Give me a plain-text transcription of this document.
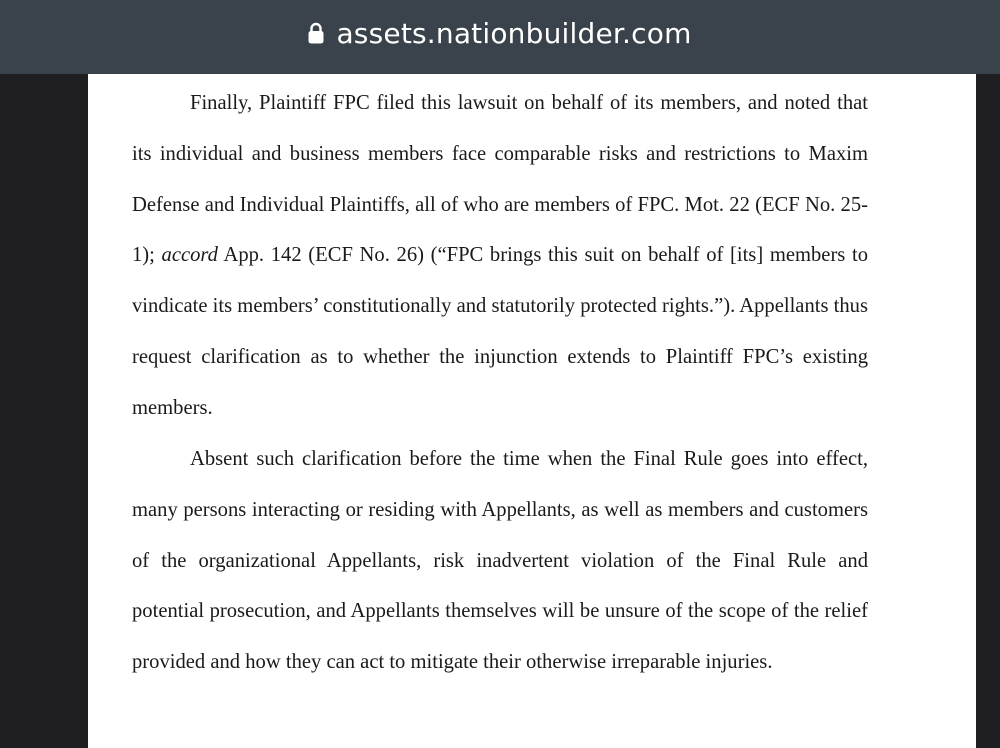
assets.nationbuilder.com

Finally, Plaintiff FPC filed this lawsuit on behalf of its members, and noted that its individual and business members face comparable risks and restrictions to Maxim Defense and Individual Plaintiffs, all of who are members of FPC. Mot. 22 (ECF No. 25-1); accord App. 142 (ECF No. 26) (“FPC brings this suit on behalf of [its] members to vindicate its members’ constitutionally and statutorily protected rights.”). Appellants thus request clarification as to whether the injunction extends to Plaintiff FPC’s existing members.

Absent such clarification before the time when the Final Rule goes into effect, many persons interacting or residing with Appellants, as well as members and customers of the organizational Appellants, risk inadvertent violation of the Final Rule and potential prosecution, and Appellants themselves will be unsure of the scope of the relief provided and how they can act to mitigate their otherwise irreparable injuries.
